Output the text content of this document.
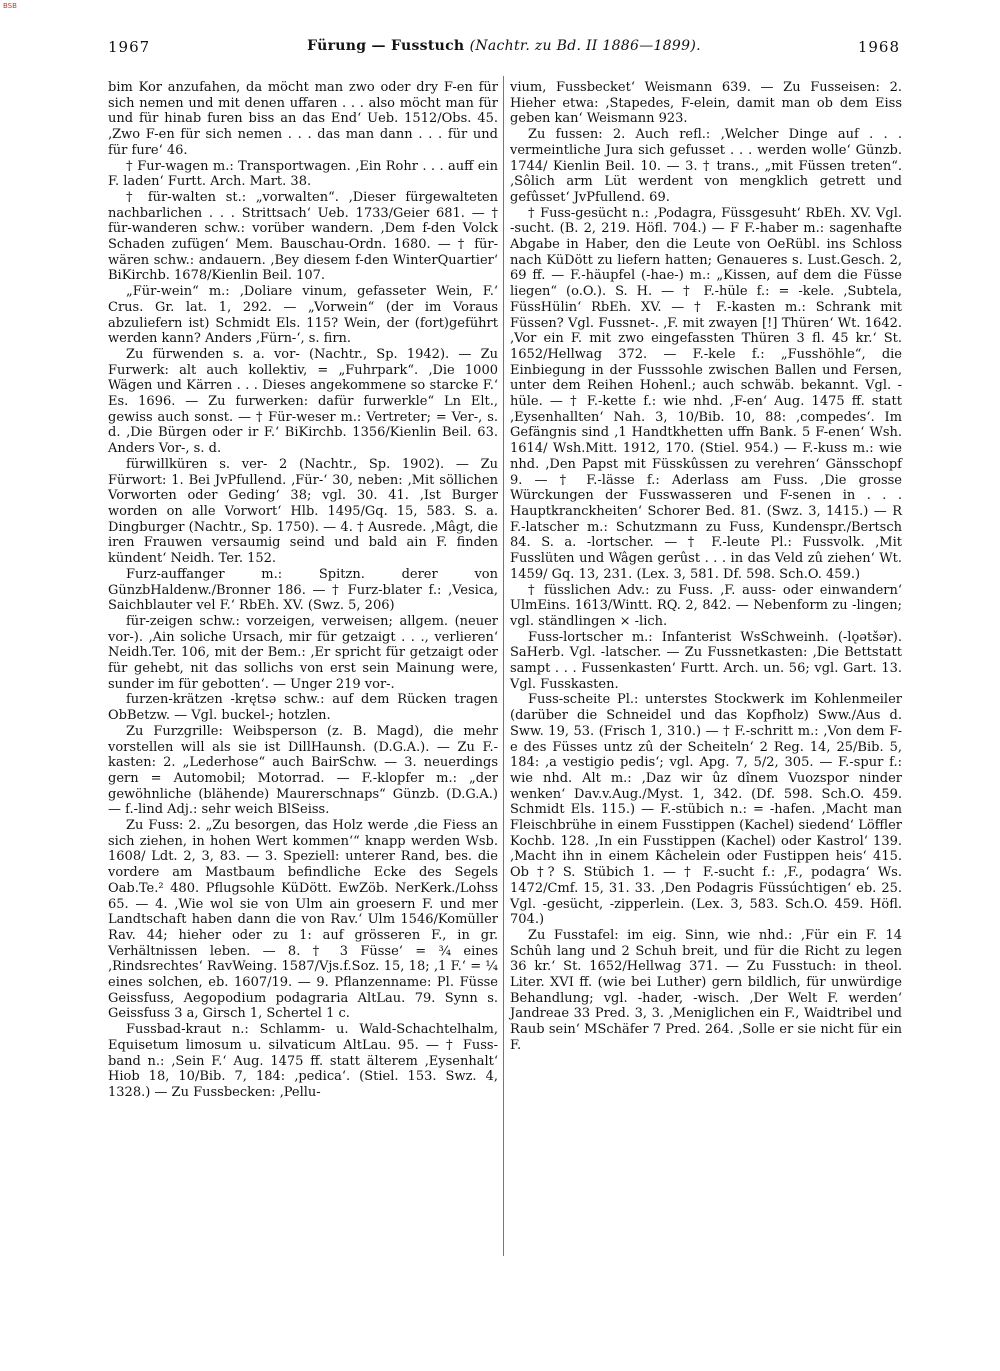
BSB
1967	Fürung — Fusstuch (Nachtr. zu Bd. II 1886—1899).	1968

bim Kor anzufahen, da möcht man zwo oder dry F-en für sich nemen und mit denen uffaren . . . also möcht man für und für hinab furen biss an das End‘ Ueb. 1512/Obs. 45. ‚Zwo F-en für sich nemen . . . das man dann . . . für und für fure‘ 46.

† Fur-wagen m.: Transportwagen. ‚Ein Rohr . . . auff ein F. laden‘ Furtt. Arch. Mart. 38.

† für-walten st.: „vorwalten“. ‚Dieser fürgewalteten nachbarlichen . . . Strittsach‘ Ueb. 1733/Geier 681. — † für-wanderen schw.: vorüber wandern. ‚Dem f-den Volck Schaden zufügen‘ Mem. Bauschau-Ordn. 1680. — † für-wären schw.: andauern. ‚Bey diesem f-den WinterQuartier‘ BiKirchb. 1678/Kienlin Beil. 107.

„Für-wein“ m.: ‚Doliare vinum, gefasseter Wein, F.‘ Crus. Gr. lat. 1, 292. — „Vorwein“ (der im Voraus abzuliefern ist) Schmidt Els. 115? Wein, der (fort)geführt werden kann? Anders ‚Fürn-‘, s. firn.

Zu fürwenden s. a. vor- (Nachtr., Sp. 1942). — Zu Furwerk: alt auch kollektiv, = „Fuhrpark“. ‚Die 1000 Wägen und Kärren . . . Dieses angekommene so starcke F.‘ Es. 1696. — Zu furwerken: dafür furwerkle“ Ln Elt., gewiss auch sonst. — † Für-weser m.: Vertreter; = Ver-, s. d. ‚Die Bürgen oder ir F.‘ BiKirchb. 1356/Kienlin Beil. 63. Anders Vor-, s. d.

fürwillküren s. ver- 2 (Nachtr., Sp. 1902). — Zu Fürwort: 1. Bei JvPfullend. ‚Für-‘ 30, neben: ‚Mit söllichen Vorworten oder Geding‘ 38; vgl. 30. 41. ‚Ist Burger worden on alle Vorwort‘ Hlb. 1495/Gq. 15, 583. S. a. Dingburger (Nachtr., Sp. 1750). — 4. † Ausrede. ‚Mâgt, die iren Frauwen versaumig seind und bald ain F. finden kündent‘ Neidh. Ter. 152.

Furz-auffanger m.: Spitzn. derer von GünzbHaldenw./Bronner 186. — † Furz-blater f.: ‚Vesica, Saichblauter vel F.‘ RbEh. XV. (Swz. 5, 206)

für-zeigen schw.: vorzeigen, verweisen; allgem. (neuer vor-). ‚Ain soliche Ursach, mir für getzaigt . . ., verlieren‘ Neidh.Ter. 106, mit der Bem.: ‚Er spricht für getzaigt oder für gehebt, nit das sollichs von erst sein Mainung were, sunder im für gebotten‘. — Unger 219 vor-.

furzen-krätzen -krętsə schw.: auf dem Rücken tragen ObBetzw. — Vgl. buckel-; hotzlen.

Zu Furzgrille: Weibsperson (z. B. Magd), die mehr vorstellen will als sie ist DillHaunsh. (D.G.A.). — Zu F.-kasten: 2. „Lederhose“ auch BairSchw. — 3. neuerdings gern = Automobil; Motorrad. — F.-klopfer m.: „der gewöhnliche (blähende) Maurerschnaps“ Günzb. (D.G.A.) — f.-lind Adj.: sehr weich BlSeiss.

Zu Fuss: 2. „Zu besorgen, das Holz werde ‚die Fiess an sich ziehen, in hohen Wert kommen‘“ knapp werden Wsb. 1608/ Ldt. 2, 3, 83. — 3. Speziell: unterer Rand, bes. die vordere am Mastbaum befindliche Ecke des Segels Oab.Te.² 480. Pflugsohle KüDött. EwZöb. NerKerk./Lohss 65. — 4. ‚Wie wol sie von Ulm ain groesern F. und mer Landtschaft haben dann die von Rav.‘ Ulm 1546/Komüller Rav. 44; hieher oder zu 1: auf grösseren F., in gr. Verhältnissen leben. — 8. † 3 Füsse‘ = ¾ eines ‚Rindsrechtes‘ RavWeing. 1587/Vjs.f.Soz. 15, 18; ‚1 F.‘ = ¼ eines solchen, eb. 1607/19. — 9. Pflanzenname: Pl. Füsse Geissfuss, Aegopodium podagraria AltLau. 79. Synn s. Geissfuss 3 a, Girsch 1, Schertel 1 c.

Fussbad-kraut n.: Schlamm- u. Wald-Schachtelhalm, Equisetum limosum u. silvaticum AltLau. 95. — † Fuss-band n.: ‚Sein F.‘ Aug. 1475 ff. statt älterem ‚Eysenhalt‘ Hiob 18, 10/Bib. 7, 184: ‚pedica‘. (Stiel. 153. Swz. 4, 1328.) — Zu Fussbecken: ‚Pellu-

vium, Fussbecket‘ Weismann 639. — Zu Fusseisen: 2. Hieher etwa: ‚Stapedes, F-elein, damit man ob dem Eiss geben kan‘ Weismann 923.

Zu fussen: 2. Auch refl.: ‚Welcher Dinge auf . . . vermeintliche Jura sich gefusset . . . werden wolle‘ Günzb. 1744/ Kienlin Beil. 10. — 3. † trans., „mit Füssen treten“. ‚Sôlich arm Lüt werdent von mengklich getrett und gefûsset‘ JvPfullend. 69.

† Fuss-gesücht n.: ‚Podagra, Füssgesuht‘ RbEh. XV. Vgl. -sucht. (B. 2, 219. Höfl. 704.) — F F.-haber m.: sagenhafte Abgabe in Haber, den die Leute von OeRübl. ins Schloss nach KüDött zu liefern hatten; Genaueres s. Lust.Gesch. 2, 69 ff. — F.-häupfel (-hae-) m.: „Kissen, auf dem die Füsse liegen“ (o.O.). S. H. — † F.-hüle f.: = -kele. ‚Subtela, FüssHülin‘ RbEh. XV. — † F.-kasten m.: Schrank mit Füssen? Vgl. Fussnet-. ‚F. mit zwayen [!] Thüren‘ Wt. 1642. ‚Vor ein F. mit zwo eingefassten Thüren 3 fl. 45 kr.‘ St. 1652/Hellwag 372. — F.-kele f.: „Fusshöhle“, die Einbiegung in der Fusssohle zwischen Ballen und Fersen, unter dem Reihen Hohenl.; auch schwäb. bekannt. Vgl. -hüle. — † F.-kette f.: wie nhd. ‚F-en‘ Aug. 1475 ff. statt ‚Eysenhallten‘ Nah. 3, 10/Bib. 10, 88: ‚compedes‘. Im Gefängnis sind ‚1 Handtkhetten uffn Bank. 5 F-enen‘ Wsh. 1614/ Wsh.Mitt. 1912, 170. (Stiel. 954.) — F.-kuss m.: wie nhd. ‚Den Papst mit Füsskûssen zu verehren‘ Gänsschopf 9. — † F.-lässe f.: Aderlass am Fuss. ‚Die grosse Würckungen der Fusswasseren und F-senen in . . . Hauptkranckheiten‘ Schorer Bed. 81. (Swz. 3, 1415.) — R F.-latscher m.: Schutzmann zu Fuss, Kundenspr./Bertsch 84. S. a. -lortscher. — † F.-leute Pl.: Fussvolk. ‚Mit Fusslüten und Wâgen gerûst . . . in das Veld zû ziehen‘ Wt. 1459/ Gq. 13, 231. (Lex. 3, 581. Df. 598. Sch.O. 459.)

† füsslichen Adv.: zu Fuss. ‚F. auss- oder einwandern‘ UlmEins. 1613/Wintt. RQ. 2, 842. — Nebenform zu -lingen; vgl. ständlingen × -lich.

Fuss-lortscher m.: Infanterist WsSchweinh. (-lǫətšər). SaHerb. Vgl. -latscher. — Zu Fussnetkasten: ‚Die Bettstatt sampt . . . Fussenkasten‘ Furtt. Arch. un. 56; vgl. Gart. 13. Vgl. Fusskasten.

Fuss-scheite Pl.: unterstes Stockwerk im Kohlenmeiler (darüber die Schneidel und das Kopfholz) Sww./Aus d. Sww. 19, 53. (Frisch 1, 310.) — † F.-schritt m.: ‚Von dem F-e des Füsses untz zû der Scheiteln‘ 2 Reg. 14, 25/Bib. 5, 184: ‚a vestigio pedis‘; vgl. Apg. 7, 5/2, 305. — F.-spur f.: wie nhd. Alt m.: ‚Daz wir ûz dînem Vuozspor ninder wenken‘ Dav.v.Aug./Myst. 1, 342. (Df. 598. Sch.O. 459. Schmidt Els. 115.) — F.-stübich n.: = -hafen. ‚Macht man Fleischbrühe in einem Fusstippen (Kachel) siedend‘ Löffler Kochb. 128. ‚In ein Fusstippen (Kachel) oder Kastrol‘ 139. ‚Macht ihn in einem Kâchelein oder Fustippen heis‘ 415. Ob †? S. Stübich 1. — † F.-sucht f.: ‚F., podagra‘ Ws. 1472/Cmf. 15, 31. 33. ‚Den Podagris Füssúchtigen‘ eb. 25. Vgl. -gesücht, -zipperlein. (Lex. 3, 583. Sch.O. 459. Höfl. 704.)

Zu Fusstafel: im eig. Sinn, wie nhd.: ‚Für ein F. 14 Schûh lang und 2 Schuh breit, und für die Richt zu legen 36 kr.‘ St. 1652/Hellwag 371. — Zu Fusstuch: in theol. Liter. XVI ff. (wie bei Luther) gern bildlich, für unwürdige Behandlung; vgl. -hader, -wisch. ‚Der Welt F. werden‘ Jandreae 33 Pred. 3, 3. ‚Meniglichen ein F., Waidtribel und Raub sein‘ MSchäfer 7 Pred. 264. ‚Solle er sie nicht für ein F.
